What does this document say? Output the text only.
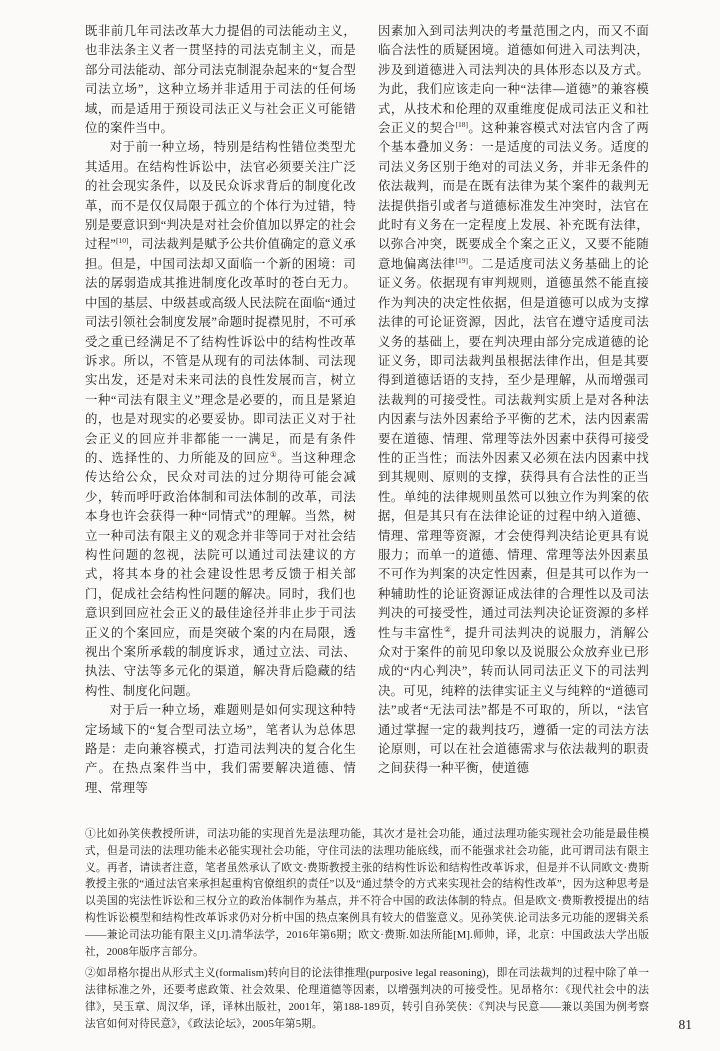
既非前几年司法改革大力提倡的司法能动主义，也非法条主义者一贯坚持的司法克制主义，而是部分司法能动、部分司法克制混杂起来的“复合型司法立场”，这种立场并非适用于司法的任何场域，而是适用于预设司法正义与社会正义可能错位的案件当中。

对于前一种立场，特别是结构性错位类型尤其适用。在结构性诉讼中，法官必须要关注广泛的社会现实条件，以及民众诉求背后的制度化改革，而不是仅仅局限于孤立的个体行为过错，特别是要意识到“判决是对社会价值加以界定的社会过程”[10]，司法裁判是赋予公共价值确定的意义承担。但是，中国司法却又面临一个新的困境：司法的孱弱造成其推进制度化改革时的苍白无力。中国的基层、中级甚或高级人民法院在面临“通过司法引领社会制度发展”命题时捉襟见肘，不可承受之重已经满足不了结构性诉讼中的结构性改革诉求。所以，不管是从现有的司法体制、司法现实出发，还是对未来司法的良性发展而言，树立一种“司法有限主义”理念是必要的，而且是紧迫的，也是对现实的必要妥协。即司法正义对于社会正义的回应并非都能一一满足，而是有条件的、选择性的、力所能及的回应①。当这种理念传达给公众，民众对司法的过分期待可能会减少，转而呼吁政治体制和司法体制的改革，司法本身也许会获得一种“同情式”的理解。当然，树立一种司法有限主义的观念并非等同于对社会结构性问题的忽视，法院可以通过司法建议的方式，将其本身的社会建设性思考反馈于相关部门，促成社会结构性问题的解决。同时，我们也意识到回应社会正义的最佳途径并非止步于司法正义的个案回应，而是突破个案的内在局限，透视出个案所承载的制度诉求，通过立法、司法、执法、守法等多元化的渠道，解决背后隐藏的结构性、制度化问题。

对于后一种立场，难题则是如何实现这种特定场域下的“复合型司法立场”，笔者认为总体思路是：走向兼容模式，打造司法判决的复合化生产。在热点案件当中，我们需要解决道德、情理、常理等

因素加入到司法判决的考量范围之内，而又不面临合法性的质疑困境。道德如何进入司法判决，涉及到道德进入司法判决的具体形态以及方式。为此，我们应该走向一种“法律—道德”的兼容模式，从技术和伦理的双重维度促成司法正义和社会正义的契合[18]。这种兼容模式对法官内含了两个基本叠加义务：一是适度的司法义务。适度的司法义务区别于绝对的司法义务，并非无条件的依法裁判，而是在既有法律为某个案件的裁判无法提供指引或者与道德标准发生冲突时，法官在此时有义务在一定程度上发展、补充既有法律，以弥合冲突，既要成全个案之正义，又要不能随意地偏离法律[19]。二是适度司法义务基础上的论证义务。依据现有审判规则，道德虽然不能直接作为判决的决定性依据，但是道德可以成为支撑法律的可论证资源，因此，法官在遵守适度司法义务的基础上，要在判决理由部分完成道德的论证义务，即司法裁判虽根据法律作出，但是其要得到道德话语的支持，至少是理解，从而增强司法裁判的可接受性。司法裁判实质上是对各种法内因素与法外因素给予平衡的艺术，法内因素需要在道德、情理、常理等法外因素中获得可接受性的正当性；而法外因素又必须在法内因素中找到其规则、原则的支撑，获得具有合法性的正当性。单纯的法律规则虽然可以独立作为判案的依据，但是其只有在法律论证的过程中纳入道德、情理、常理等资源，才会使得判决结论更具有说服力；而单一的道德、情理、常理等法外因素虽不可作为判案的决定性因素，但是其可以作为一种辅助性的论证资源证成法律的合理性以及司法判决的可接受性，通过司法判决论证资源的多样性与丰富性②，提升司法判决的说服力，消解公众对于案件的前见印象以及说服公众放弃业已形成的“内心判决”，转而认同司法正义下的司法判决。可见，纯粹的法律实证主义与纯粹的“道德司法”或者“无法司法”都是不可取的，所以，“法官通过掌握一定的裁判技巧，遵循一定的司法方法论原则，可以在社会道德需求与依法裁判的职责之间获得一种平衡，使道德

①比如孙笑侠教授所讲，司法功能的实现首先是法理功能，其次才是社会功能，通过法理功能实现社会功能是最佳模式，但是司法的法理功能未必能实现社会功能，守住司法的法理功能底线，而不能强求社会功能，此可谓司法有限主义。再者，请读者注意，笔者虽然承认了欧文·费斯教授主张的结构性诉讼和结构性改革诉求，但是并不认同欧文·费斯教授主张的“通过法官来承担起重构官僚组织的责任”以及“通过禁令的方式来实现社会的结构性改革”，因为这种思考是以美国的宪法性诉讼和三权分立的政治体制作为基点，并不符合中国的政法体制的特点。但是欧文·费斯教授提出的结构性诉讼模型和结构性改革诉求仍对分析中国的热点案例具有较大的借鉴意义。见孙笑侠.论司法多元功能的逻辑关系——兼论司法功能有限主义[J].清华法学，2016年第6期；欧文·费斯.如法所能[M].师帅，译，北京：中国政法大学出版社，2008年版序言部分。

②如昂格尔提出从形式主义(formalism)转向目的论法律推理(purposive legal reasoning)，即在司法裁判的过程中除了单一法律标准之外，还要考虑政策、社会效果、伦理道德等因素，以增强判决的可接受性。见昂格尔：《现代社会中的法律》，吴玉章、周汉华，译，译林出版社，2001年，第188-189页，转引自孙笑侠：《判决与民意——兼以美国为例考察法官如何对待民意》，《政法论坛》，2005年第5期。	81
